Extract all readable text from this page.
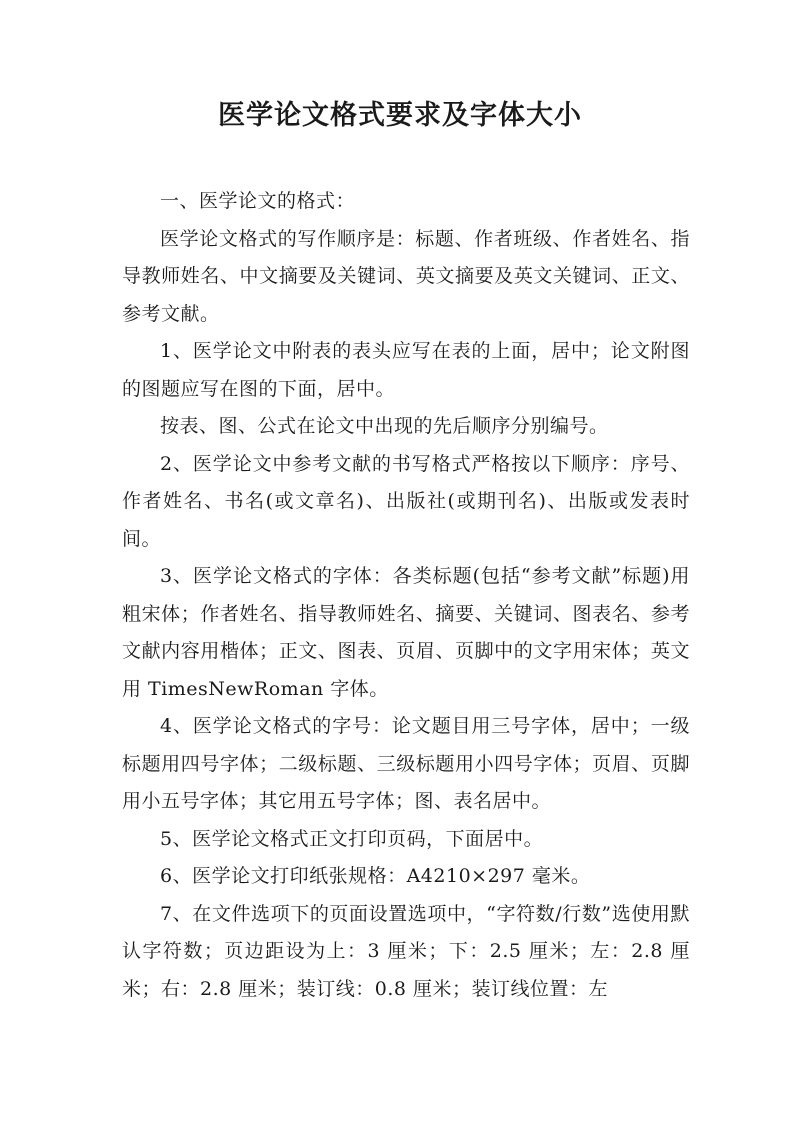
医学论文格式要求及字体大小

一、医学论文的格式：

医学论文格式的写作顺序是：标题、作者班级、作者姓名、指导教师姓名、中文摘要及关键词、英文摘要及英文关键词、正文、参考文献。

1、医学论文中附表的表头应写在表的上面，居中；论文附图的图题应写在图的下面，居中。

按表、图、公式在论文中出现的先后顺序分别编号。

2、医学论文中参考文献的书写格式严格按以下顺序：序号、作者姓名、书名(或文章名)、出版社(或期刊名)、出版或发表时间。

3、医学论文格式的字体：各类标题(包括“参考文献”标题)用粗宋体；作者姓名、指导教师姓名、摘要、关键词、图表名、参考文献内容用楷体；正文、图表、页眉、页脚中的文字用宋体；英文用 TimesNewRoman 字体。

4、医学论文格式的字号：论文题目用三号字体，居中；一级标题用四号字体；二级标题、三级标题用小四号字体；页眉、页脚用小五号字体；其它用五号字体；图、表名居中。

5、医学论文格式正文打印页码，下面居中。

6、医学论文打印纸张规格：A4210×297 毫米。

7、在文件选项下的页面设置选项中，“字符数/行数”选使用默认字符数；页边距设为上：3 厘米；下：2.5 厘米；左：2.8 厘米；右：2.8 厘米；装订线：0.8 厘米；装订线位置：左
